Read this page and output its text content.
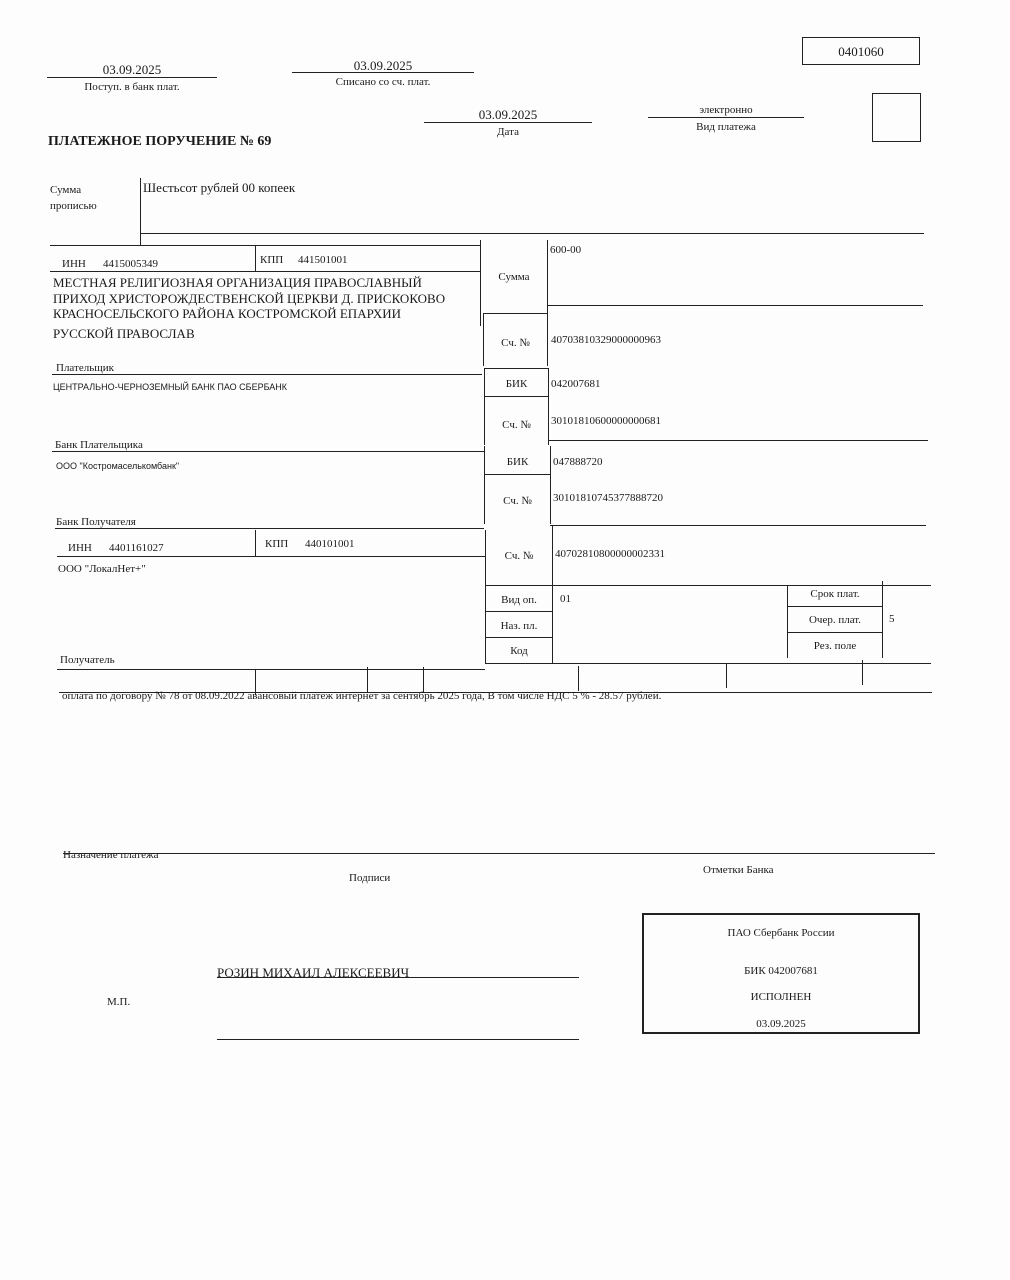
0401060
03.09.2025
Поступ. в банк плат.
03.09.2025
Списано со сч. плат.
03.09.2025
Дата
электронно
Вид платежа
ПЛАТЕЖНОЕ ПОРУЧЕНИЕ № 69
Сумма
прописью
Шестьсот рублей 00 копеек
ИНН 4415005349	КПП 441501001
Сумма
600-00
МЕСТНАЯ РЕЛИГИОЗНАЯ ОРГАНИЗАЦИЯ ПРАВОСЛАВНЫЙ
ПРИХОД ХРИСТОРОЖДЕСТВЕНСКОЙ ЦЕРКВИ Д. ПРИСКОКОВО
КРАСНОСЕЛЬСКОГО РАЙОНА КОСТРОМСКОЙ ЕПАРХИИ
РУССКОЙ ПРАВОСЛАВ
Сч. №	40703810329000000963
Плательщик
ЦЕНТРАЛЬНО-ЧЕРНОЗЕМНЫЙ БАНК ПАО СБЕРБАНК	БИК	042007681
Сч. №	30101810600000000681
Банк Плательщика
ООО "Костромаселькомбанк"	БИК	047888720
Сч. №	30101810745377888720
Банк Получателя
ИНН 4401161027	КПП 440101001
ООО "ЛокалНет+"
Сч. №	40702810800000002331
Вид оп.	01
Наз. пл.
Код
Срок плат.
Очер. плат.	5
Рез. поле
Получатель
оплата по договору № 78 от 08.09.2022 авансовый платеж интернет за сентябрь 2025 года, В том числе НДС 5 % - 28.57 рублей.
Назначение платежа
Подписи
Отметки Банка
М.П.
РОЗИН МИХАИЛ АЛЕКСЕЕВИЧ
ПАО Сбербанк России
БИК 042007681
ИСПОЛНЕН
03.09.2025
